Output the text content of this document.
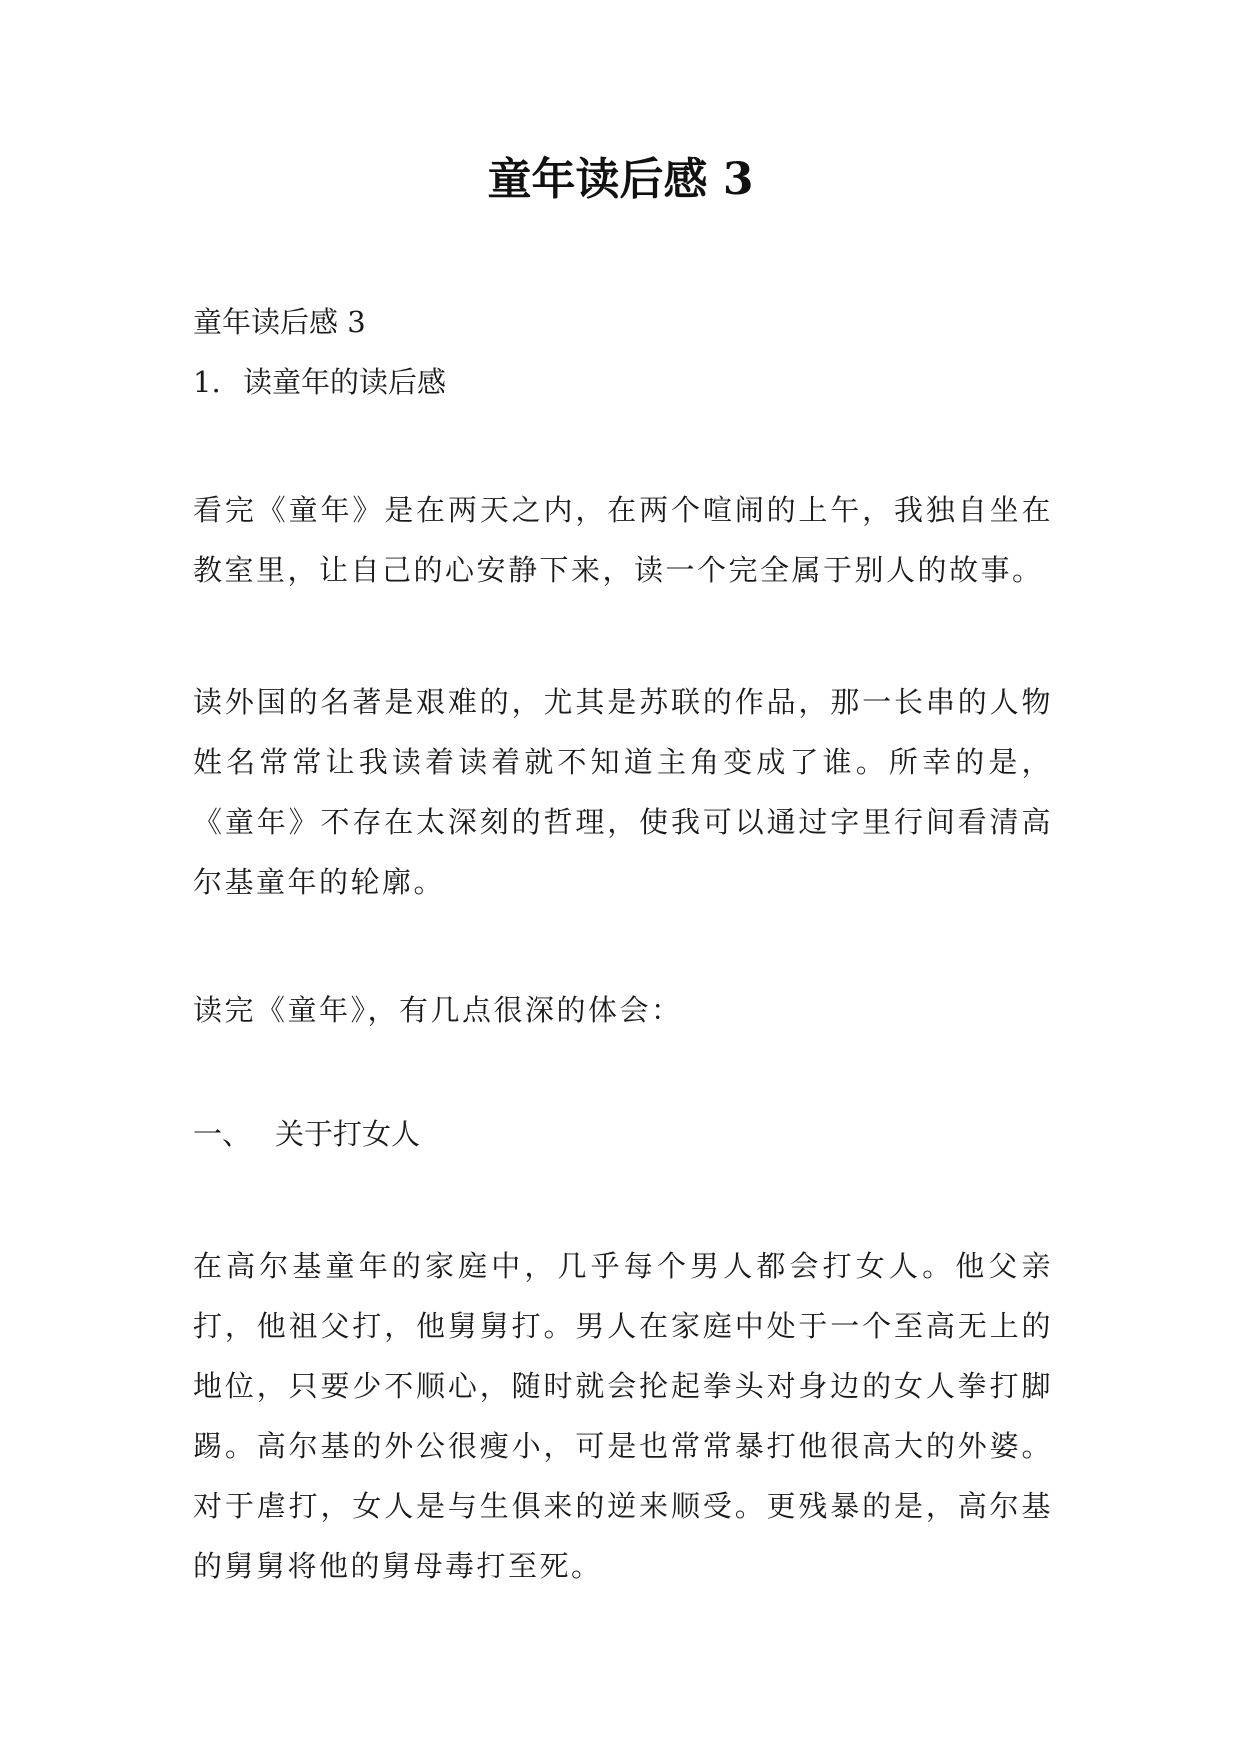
童年读后感 3

童年读后感 3

1. 读童年的读后感

看完《童年》是在两天之内，在两个喧闹的上午，我独自坐在教室里，让自己的心安静下来，读一个完全属于别人的故事。

读外国的名著是艰难的，尤其是苏联的作品，那一长串的人物姓名常常让我读着读着就不知道主角变成了谁。所幸的是，《童年》不存在太深刻的哲理，使我可以通过字里行间看清高尔基童年的轮廓。

读完《童年》，有几点很深的体会：

一、 关于打女人

在高尔基童年的家庭中，几乎每个男人都会打女人。他父亲打，他祖父打，他舅舅打。男人在家庭中处于一个至高无上的地位，只要少不顺心，随时就会抡起拳头对身边的女人拳打脚踢。高尔基的外公很瘦小，可是也常常暴打他很高大的外婆。对于虐打，女人是与生俱来的逆来顺受。更残暴的是，高尔基的舅舅将他的舅母毒打至死。
